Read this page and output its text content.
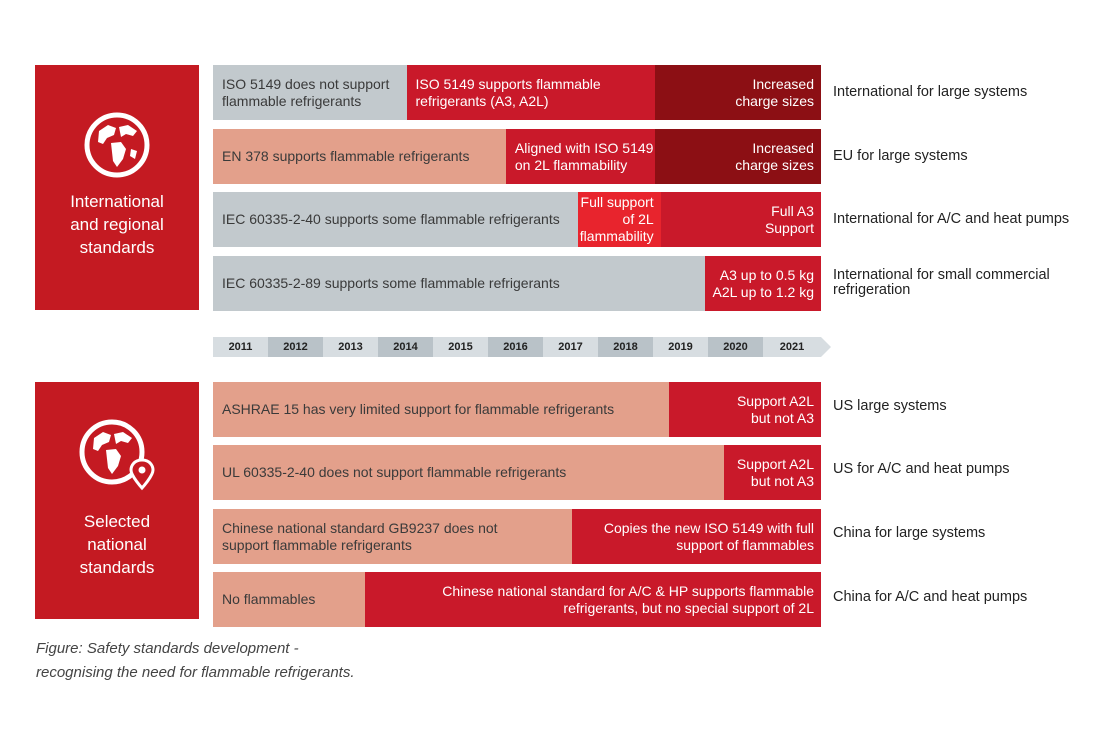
International
and regional
standards
Selected
national
standards
ISO 5149 does not support
flammable refrigerants
ISO 5149 supports flammable
refrigerants (A3, A2L)
Increased
charge sizes
EN 378 supports flammable refrigerants
Aligned with ISO 5149
on 2L flammability
Increased
charge sizes
IEC 60335-2-40 supports some flammable refrigerants
Full support
of 2L
flammability
Full A3
Support
IEC 60335-2-89 supports some flammable refrigerants
A3 up to 0.5 kg
A2L up to 1.2 kg
ASHRAE 15 has very limited support for flammable refrigerants
Support A2L
but not A3
UL 60335-2-40 does not support flammable refrigerants
Support A2L
but not A3
Chinese national standard GB9237 does not
support flammable refrigerants
Copies the new ISO 5149 with full
support of flammables
No flammables
Chinese national standard for A/C & HP supports flammable
refrigerants, but no special support of 2L
International for large systems
EU for large systems
International for A/C and heat pumps
International for small commercial
refrigeration
US large systems
US for A/C and heat pumps
China for large systems
China for A/C and heat pumps
2011	2012	2013	2014	2015	2016	2017	2018	2019	2020	2021
Figure: Safety standards development -
recognising the need for flammable refrigerants.
